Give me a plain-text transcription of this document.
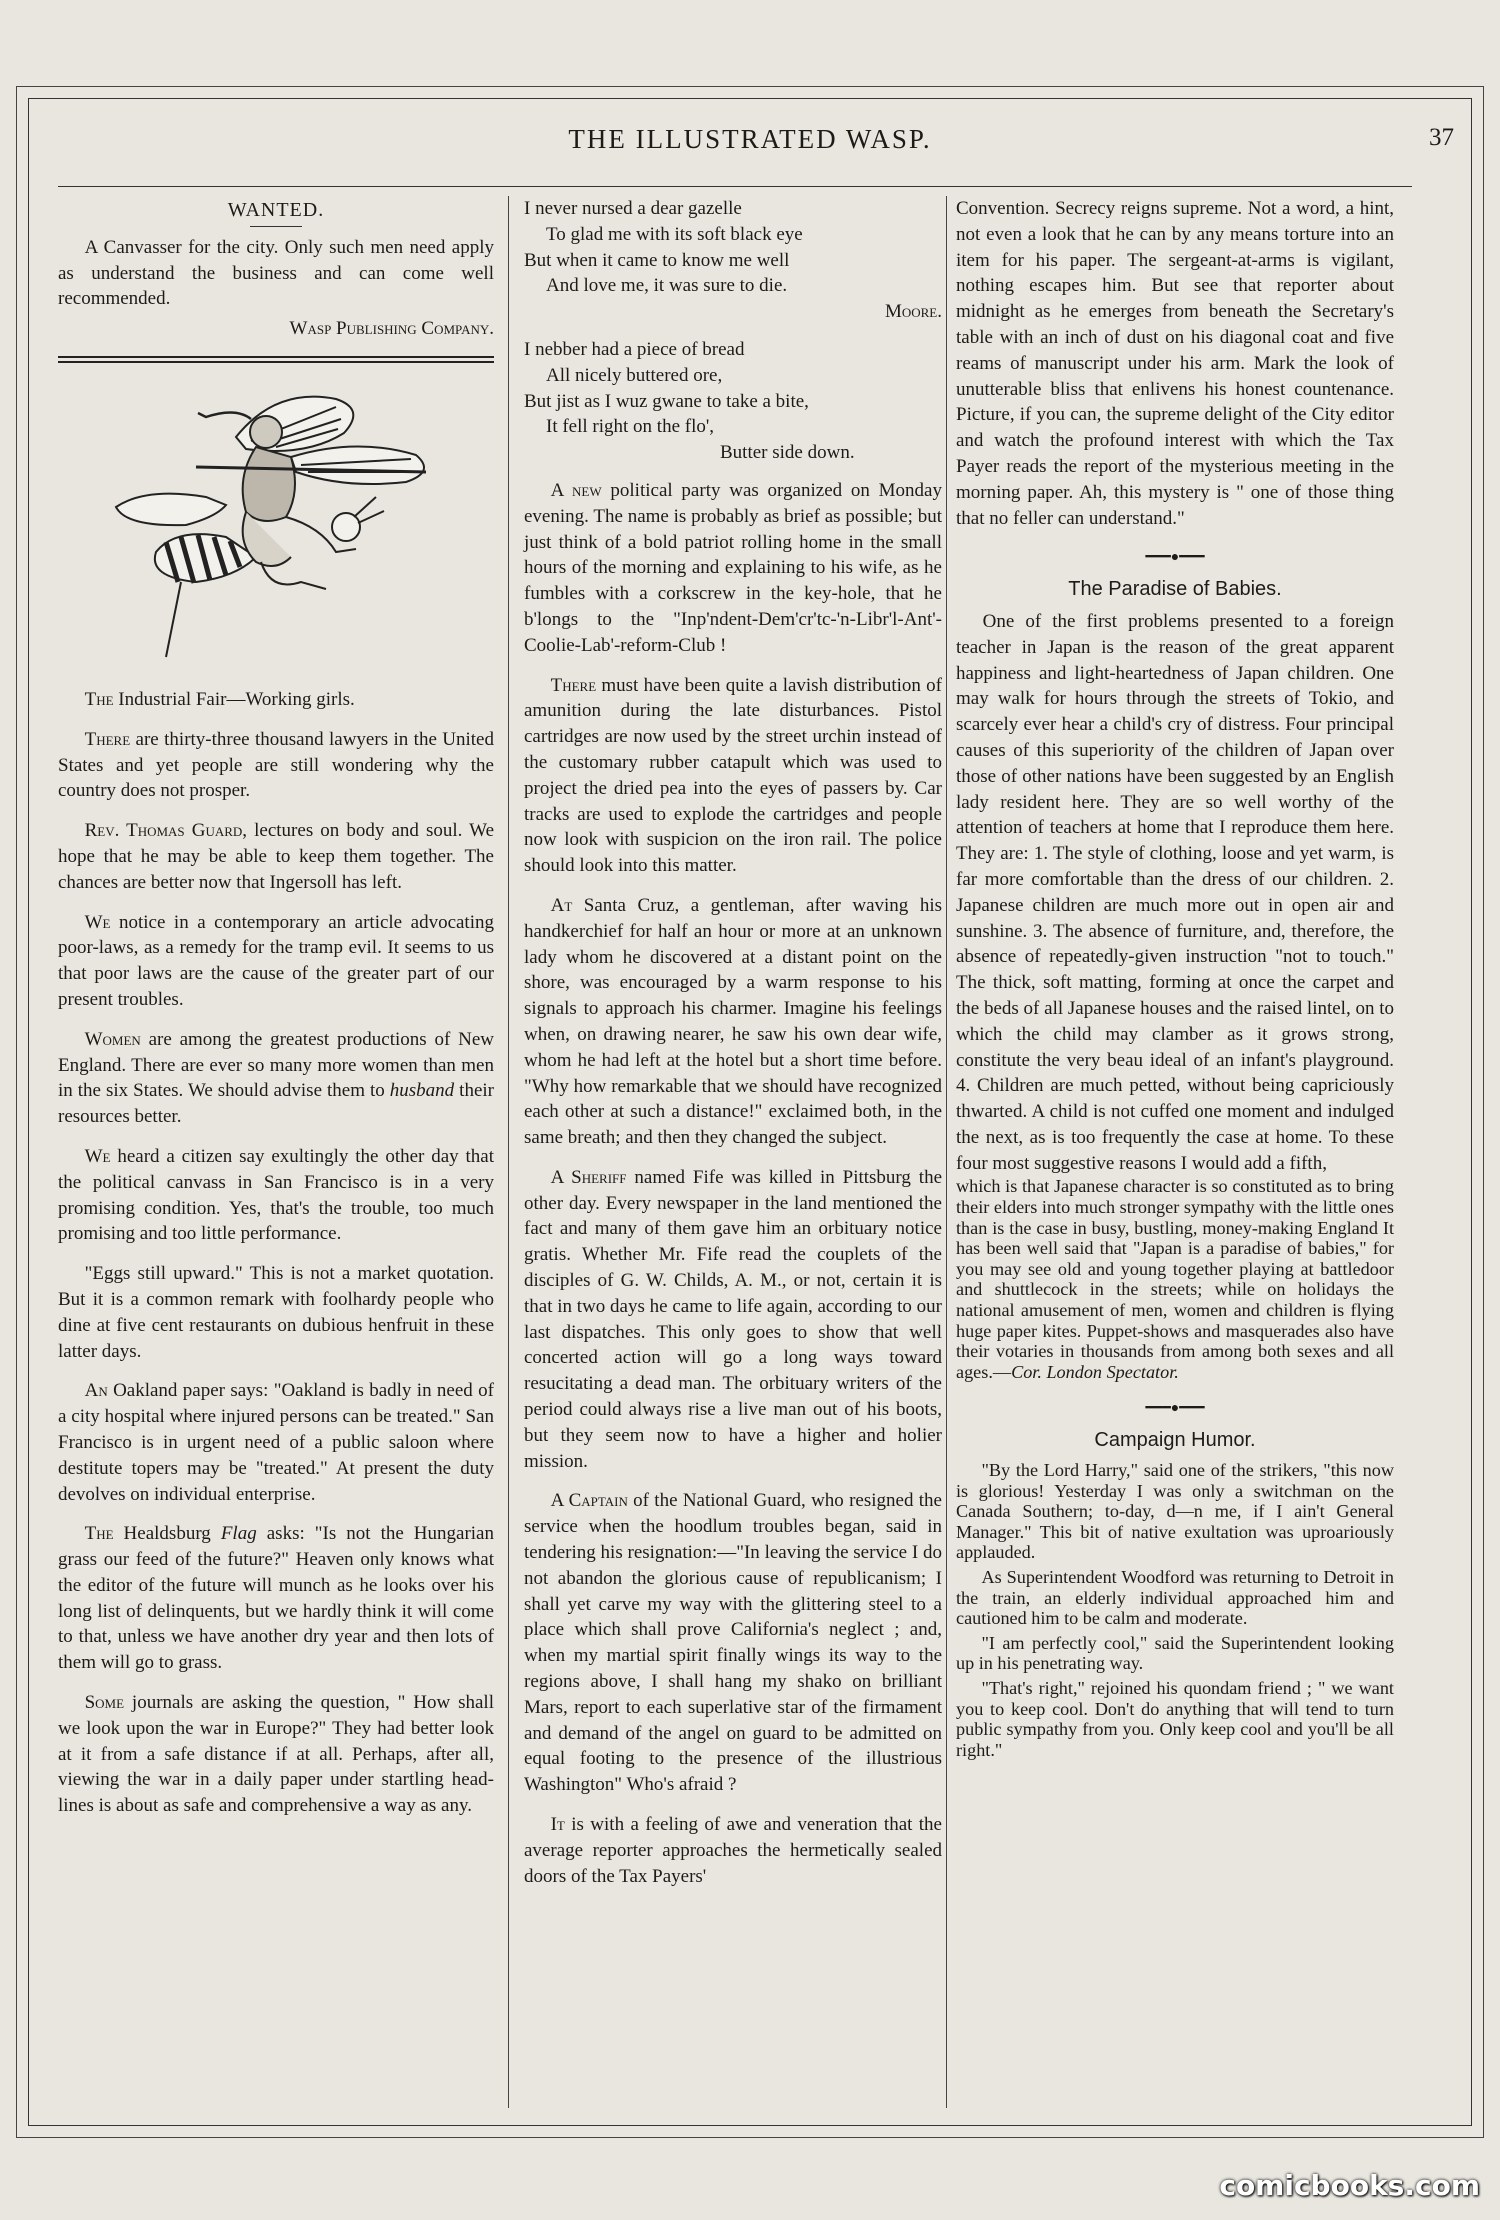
THE ILLUSTRATED WASP.	37
WANTED.

A Canvasser for the city. Only such men need apply as understand the business and can come well recommended.

Wasp Publishing Company.

The Industrial Fair—Working girls.

There are thirty-three thousand lawyers in the United States and yet people are still wondering why the country does not prosper.

Rev. Thomas Guard, lectures on body and soul. We hope that he may be able to keep them together. The chances are better now that Ingersoll has left.

We notice in a contemporary an article advocating poor-laws, as a remedy for the tramp evil. It seems to us that poor laws are the cause of the greater part of our present troubles.

Women are among the greatest productions of New England. There are ever so many more women than men in the six States. We should advise them to husband their resources better.

We heard a citizen say exultingly the other day that the political canvass in San Francisco is in a very promising condition. Yes, that's the trouble, too much promising and too little performance.

"Eggs still upward." This is not a market quotation. But it is a common remark with foolhardy people who dine at five cent restaurants on dubious henfruit in these latter days.

An Oakland paper says: "Oakland is badly in need of a city hospital where injured persons can be treated." San Francisco is in urgent need of a public saloon where destitute topers may be "treated." At present the duty devolves on individual enterprise.

The Healdsburg Flag asks: "Is not the Hungarian grass our feed of the future?" Heaven only knows what the editor of the future will munch as he looks over his long list of delinquents, but we hardly think it will come to that, unless we have another dry year and then lots of them will go to grass.

Some journals are asking the question, " How shall we look upon the war in Europe?" They had better look at it from a safe distance if at all. Perhaps, after all, viewing the war in a daily paper under startling head-lines is about as safe and comprehensive a way as any.

I never nursed a dear gazelle
To glad me with its soft black eye
But when it came to know me well
And love me, it was sure to die.
Moore.
I nebber had a piece of bread
All nicely buttered ore,
But jist as I wuz gwane to take a bite,
It fell right on the flo',
Butter side down.

A new political party was organized on Monday evening. The name is probably as brief as possible; but just think of a bold patriot rolling home in the small hours of the morning and explaining to his wife, as he fumbles with a corkscrew in the key-hole, that he b'longs to the "Inp'ndent-Dem'cr'tc-'n-Libr'l-Ant'-Coolie-Lab'-reform-Club !

There must have been quite a lavish distribution of amunition during the late disturbances. Pistol cartridges are now used by the street urchin instead of the customary rubber catapult which was used to project the dried pea into the eyes of passers by. Car tracks are used to explode the cartridges and people now look with suspicion on the iron rail. The police should look into this matter.

At Santa Cruz, a gentleman, after waving his handkerchief for half an hour or more at an unknown lady whom he discovered at a distant point on the shore, was encouraged by a warm response to his signals to approach his charmer. Imagine his feelings when, on drawing nearer, he saw his own dear wife, whom he had left at the hotel but a short time before. "Why how remarkable that we should have recognized each other at such a distance!" exclaimed both, in the same breath; and then they changed the subject.

A Sheriff named Fife was killed in Pittsburg the other day. Every newspaper in the land mentioned the fact and many of them gave him an orbituary notice gratis. Whether Mr. Fife read the couplets of the disciples of G. W. Childs, A. M., or not, certain it is that in two days he came to life again, according to our last dispatches. This only goes to show that well concerted action will go a long ways toward resucitating a dead man. The orbituary writers of the period could always rise a live man out of his boots, but they seem now to have a higher and holier mission.

A Captain of the National Guard, who resigned the service when the hoodlum troubles began, said in tendering his resignation:—"In leaving the service I do not abandon the glorious cause of republicanism; I shall yet carve my way with the glittering steel to a place which shall prove California's neglect ; and, when my martial spirit finally wings its way to the regions above, I shall hang my shako on brilliant Mars, report to each superlative star of the firmament and demand of the angel on guard to be admitted on equal footing to the presence of the illustrious Washington" Who's afraid ?

It is with a feeling of awe and veneration that the average reporter approaches the hermetically sealed doors of the Tax Payers'

Convention. Secrecy reigns supreme. Not a word, a hint, not even a look that he can by any means torture into an item for his paper. The sergeant-at-arms is vigilant, nothing escapes him. But see that reporter about midnight as he emerges from beneath the Secretary's table with an inch of dust on his diagonal coat and five reams of manuscript under his arm. Mark the look of unutterable bliss that enlivens his honest countenance. Picture, if you can, the supreme delight of the City editor and watch the profound interest with which the Tax Payer reads the report of the mysterious meeting in the morning paper. Ah, this mystery is " one of those thing that no feller can understand."

━━━●━━━
The Paradise of Babies.

One of the first problems presented to a foreign teacher in Japan is the reason of the great apparent happiness and light-heartedness of Japan children. One may walk for hours through the streets of Tokio, and scarcely ever hear a child's cry of distress. Four principal causes of this superiority of the children of Japan over those of other nations have been suggested by an English lady resident here. They are so well worthy of the attention of teachers at home that I reproduce them here. They are: 1. The style of clothing, loose and yet warm, is far more comfortable than the dress of our children. 2. Japanese children are much more out in open air and sunshine. 3. The absence of furniture, and, therefore, the absence of repeatedly-given instruction "not to touch." The thick, soft matting, forming at once the carpet and the beds of all Japanese houses and the raised lintel, on to which the child may clamber as it grows strong, constitute the very beau ideal of an infant's playground. 4. Children are much petted, without being capriciously thwarted. A child is not cuffed one moment and indulged the next, as is too frequently the case at home. To these four most suggestive reasons I would add a fifth,

which is that Japanese character is so constituted as to bring their elders into much stronger sympathy with the little ones than is the case in busy, bustling, money-making England It has been well said that "Japan is a paradise of babies," for you may see old and young together playing at battledoor and shuttlecock in the streets; while on holidays the national amusement of men, women and children is flying huge paper kites. Puppet-shows and masquerades also have their votaries in thousands from among both sexes and all ages.—Cor. London Spectator.

━━━●━━━
Campaign Humor.

"By the Lord Harry," said one of the strikers, "this now is glorious! Yesterday I was only a switchman on the Canada Southern; to-day, d—n me, if I ain't General Manager." This bit of native exultation was uproariously applauded.

As Superintendent Woodford was returning to Detroit in the train, an elderly individual approached him and cautioned him to be calm and moderate.

"I am perfectly cool," said the Superintendent looking up in his penetrating way.

"That's right," rejoined his quondam friend ; " we want you to keep cool. Don't do anything that will tend to turn public sympathy from you. Only keep cool and you'll be all right."

comicbooks.com
